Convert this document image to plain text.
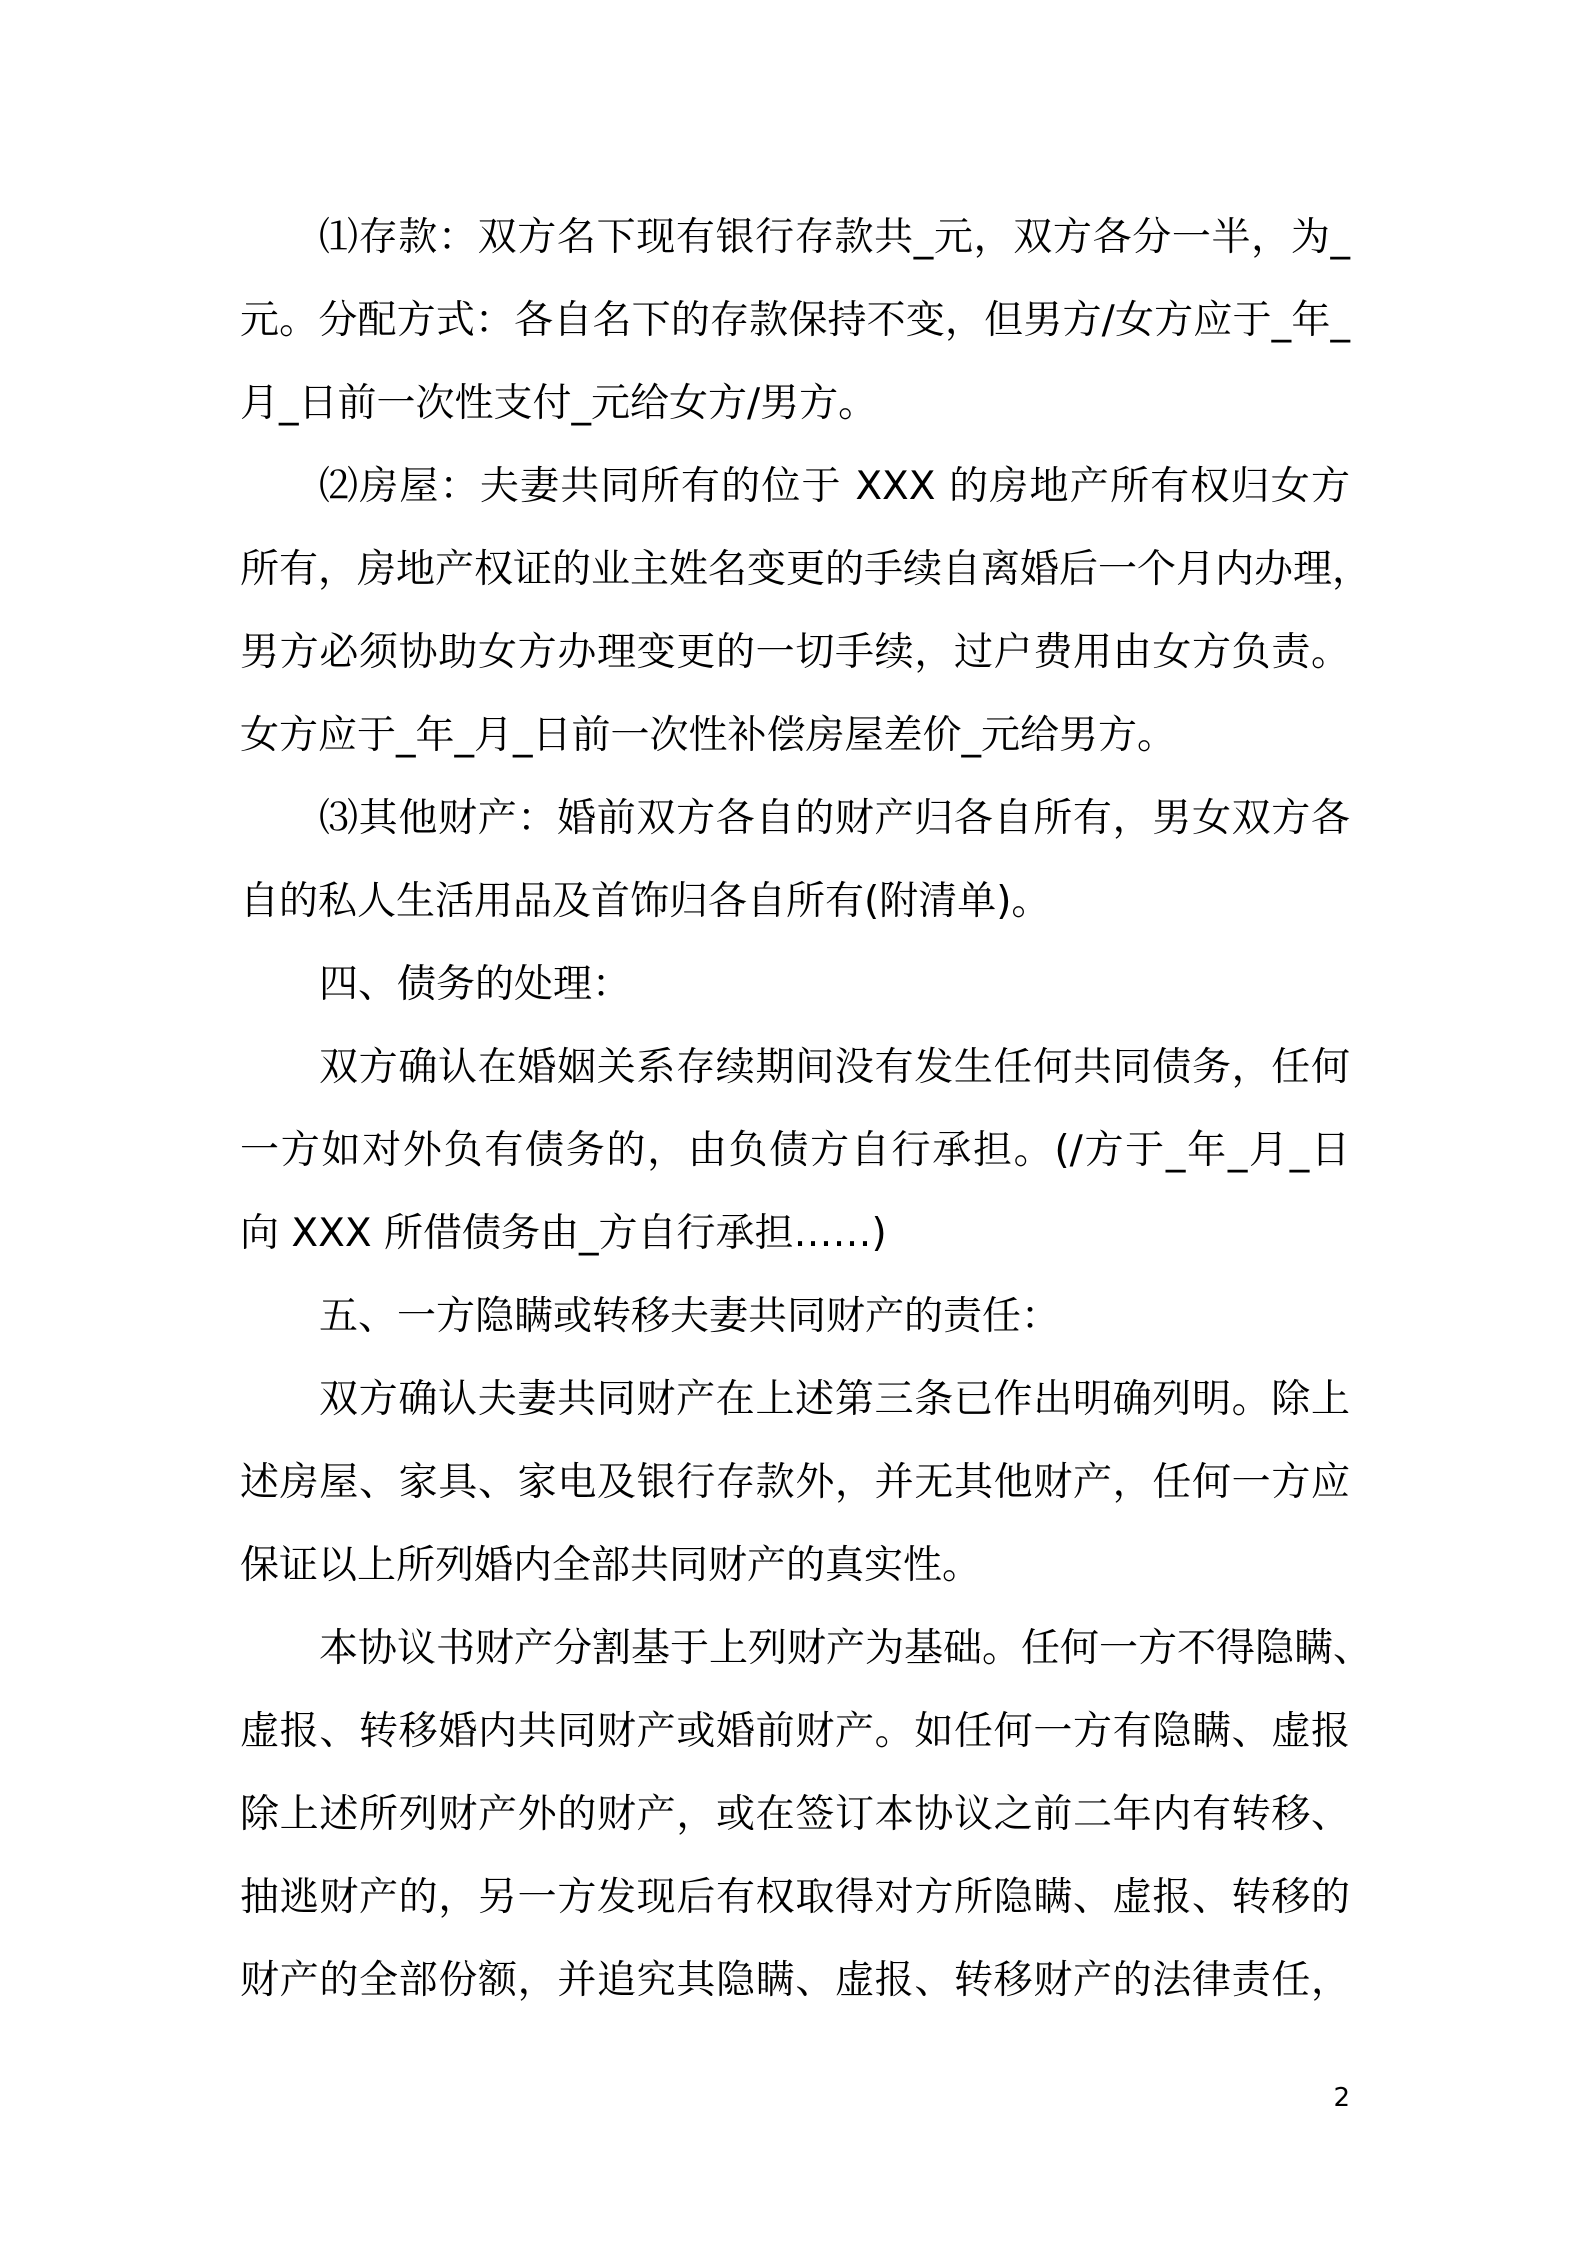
⑴存款：双方名下现有银行存款共_元，双方各分一半，为_
元。分配方式：各自名下的存款保持不变，但男方/女方应于_年_
月_日前一次性支付_元给女方/男方。
⑵房屋：夫妻共同所有的位于 XXX 的房地产所有权归女方
所有，房地产权证的业主姓名变更的手续自离婚后一个月内办理，
男方必须协助女方办理变更的一切手续，过户费用由女方负责。
女方应于_年_月_日前一次性补偿房屋差价_元给男方。
⑶其他财产：婚前双方各自的财产归各自所有，男女双方各
自的私人生活用品及首饰归各自所有(附清单)。
四、债务的处理：
双方确认在婚姻关系存续期间没有发生任何共同债务，任何
一方如对外负有债务的，由负债方自行承担。(/方于_年_月_日
向 XXX 所借债务由_方自行承担……)
五、一方隐瞒或转移夫妻共同财产的责任：
双方确认夫妻共同财产在上述第三条已作出明确列明。除上
述房屋、家具、家电及银行存款外，并无其他财产，任何一方应
保证以上所列婚内全部共同财产的真实性。
本协议书财产分割基于上列财产为基础。任何一方不得隐瞒、
虚报、转移婚内共同财产或婚前财产。如任何一方有隐瞒、虚报
除上述所列财产外的财产，或在签订本协议之前二年内有转移、
抽逃财产的，另一方发现后有权取得对方所隐瞒、虚报、转移的
财产的全部份额，并追究其隐瞒、虚报、转移财产的法律责任，
2
